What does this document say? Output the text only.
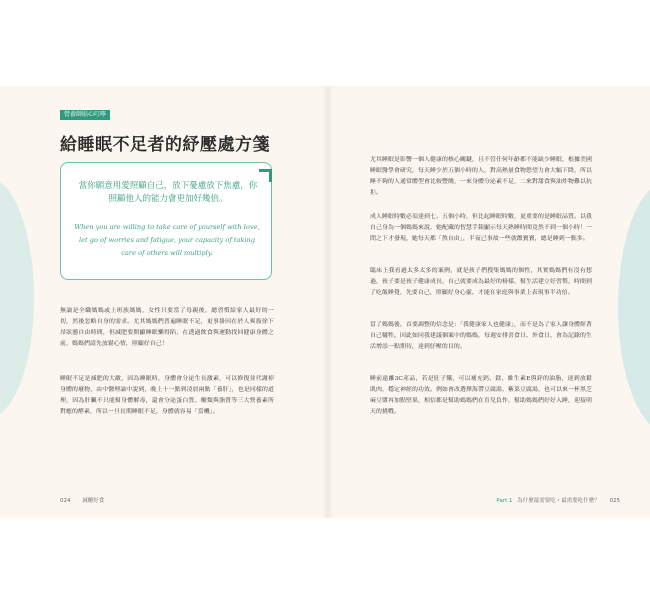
營養師貼心叮嚀
給睡眠不足者的紓壓處方箋
當你願意用愛照顧自己，放下憂慮放下焦慮，你照顧他人的能力會更加好幾倍。
When you are willing to take care of yourself with love, let go of worries and fatigue, your capacity of taking care of others will multiply.
無論是全職媽媽或上班族媽媽，女性只要當了母親後，總習慣給家人最好的一切，然後忽略自身的需求。尤其媽媽們普遍睡眠不足，更事掛因在於人爽扳徐下昂狀態自由時間，但減肥要開顯睡眠懶得陷，在透過飲食與運動找回健康身體之前，媽媽們請先放鬆心情，照顧好自己！
睡眠不足是減肥的大敵，因為睡眠時，身體會分泌生長激素，可以修復並代謝掉身體的廢物，由中醫理論中說到，晚上十一點到凌晨兩點「養肝」，也是同樣的道理，因為肝臟不只能幫身體解毒，還會分泌蛋白質、醣類與脂質等三大營養素所對應的酵素，所以一旦長期睡眠不足，身體就容易「當機」。
尤其睡眠是影響一個人健康的核心關鍵，且不管任何年齡都不能缺少睡眠，根據美國睡眠醫學會研究，每天睡少於五個小時的人，對高熱量食物慾望力會大幅下降，所以睡不夠的人通常體型會比較豐饒，一來身體分泌素不足，二來對甜食與油炸物難以抗拒。
成人睡眠時數必須達到七、五個小時，但比起睡眠時數，更重要的是睡眠品質。以我自己身為一個媽媽來說，她配藏的智慧手錶顯示每天熟睡時間竟然不到一個小時！一問之下才發現，她每天都「熬自由」，半夜已事故一些就餵寶寶，總是睡到一點多。
臨床上我看過太多太多的案例，就是孩子們搜集媽媽的個性，其實媽媽們有沒有想過，孩子要是孩子健康成長，自己就要成為最好的榜樣，幫生活建立好習慣，時間到了吃飯睡覺，先要自己，照顧好身心靈，才能在家庭與事業上表現事半功倍。
當了媽媽後，首要調整的信念是：「我健康家人也健康」，而不是為了家人讓身體經著自己犧牲。因此如同我建議個案中的媽媽，每週安排喜食日、外食日，會為記錄的生活增添一點期待，達到紓壓的目的。
睡前遠離3C產品，若是肚子餓，可以補充鈣、鎂、維生素E與鋅的油脂，達到放鬆肌肉，穩定神經的功效。例如會改選擇海帶豆腐湯、紫菜豆腐湯，也可以來一杯黑芝麻豆漿再加點堅果，相信都是幫助媽媽們在育兒負作，幫助媽媽們好好入睡，迎接明天的挑戰。
024 減醣好食	Part 1 為什麼最需要吃・最需要吃什麼？ 025
